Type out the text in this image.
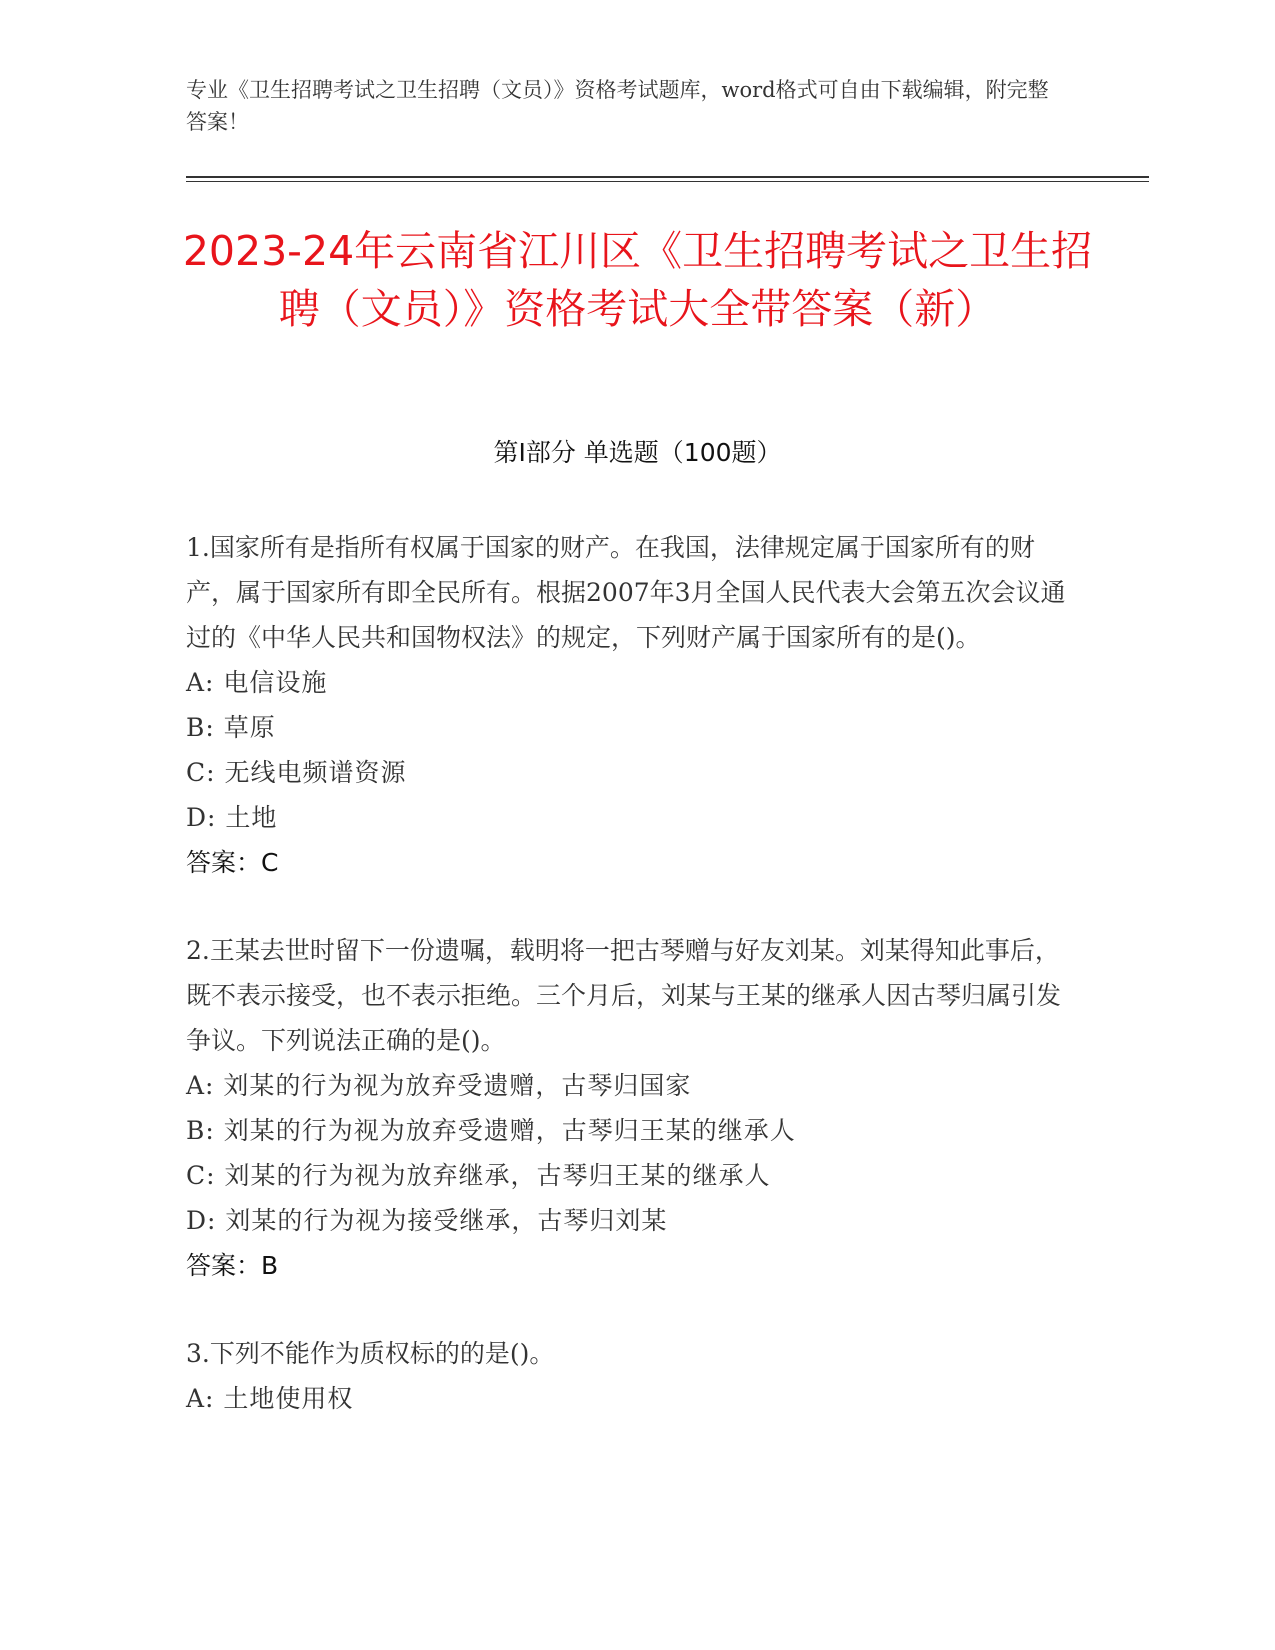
专业《卫生招聘考试之卫生招聘（文员）》资格考试题库，word格式可自由下载编辑，附完整答案！

2023-24年云南省江川区《卫生招聘考试之卫生招聘（文员）》资格考试大全带答案（新）

第Ⅰ部分 单选题（100题）

1.国家所有是指所有权属于国家的财产。在我国，法律规定属于国家所有的财产，属于国家所有即全民所有。根据2007年3月全国人民代表大会第五次会议通过的《中华人民共和国物权法》的规定，下列财产属于国家所有的是()。

A: 电信设施

B: 草原

C: 无线电频谱资源

D: 土地

答案：C

2.王某去世时留下一份遗嘱，载明将一把古琴赠与好友刘某。刘某得知此事后，既不表示接受，也不表示拒绝。三个月后，刘某与王某的继承人因古琴归属引发争议。下列说法正确的是()。

A: 刘某的行为视为放弃受遗赠，古琴归国家

B: 刘某的行为视为放弃受遗赠，古琴归王某的继承人

C: 刘某的行为视为放弃继承，古琴归王某的继承人

D: 刘某的行为视为接受继承，古琴归刘某

答案：B

3.下列不能作为质权标的的是()。

A: 土地使用权
